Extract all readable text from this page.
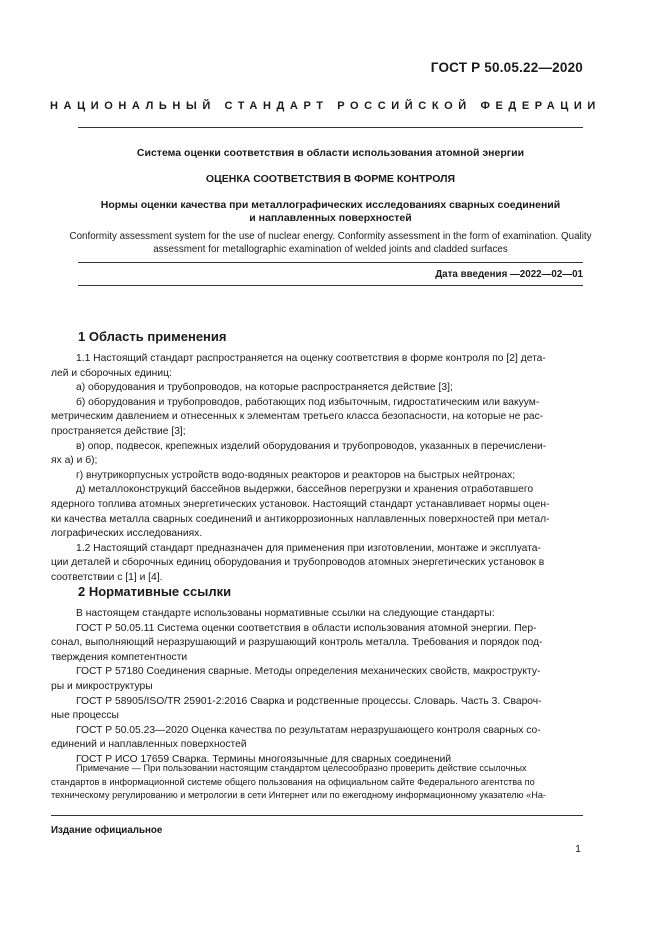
ГОСТ Р 50.05.22—2020
НАЦИОНАЛЬНЫЙ СТАНДАРТ РОССИЙСКОЙ ФЕДЕРАЦИИ
Система оценки соответствия в области использования атомной энергии
ОЦЕНКА СООТВЕТСТВИЯ В ФОРМЕ КОНТРОЛЯ
Нормы оценки качества при металлографических исследованиях сварных соединений
и наплавленных поверхностей
Conformity assessment system for the use of nuclear energy. Conformity assessment in the form of examination. Quality
assessment for metallographic examination of welded joints and cladded surfaces
Дата введения —2022—02—01
1 Область применения

1.1 Настоящий стандарт распространяется на оценку соответствия в форме контроля по [2] дета-

лей и сборочных единиц:

а) оборудования и трубопроводов, на которые распространяется действие [3];

б) оборудования и трубопроводов, работающих под избыточным, гидростатическим или вакуум-

метрическим давлением и отнесенных к элементам третьего класса безопасности, на которые не рас-

пространяется действие [3];

в) опор, подвесок, крепежных изделий оборудования и трубопроводов, указанных в перечислени-

ях а) и б);

г) внутрикорпусных устройств водо-водяных реакторов и реакторов на быстрых нейтронах;

д) металлоконструкций бассейнов выдержки, бассейнов перегрузки и хранения отработавшего

ядерного топлива атомных энергетических установок. Настоящий стандарт устанавливает нормы оцен-

ки качества металла сварных соединений и антикоррозионных наплавленных поверхностей при метал-

лографических исследованиях.

1.2 Настоящий стандарт предназначен для применения при изготовлении, монтаже и эксплуата-

ции деталей и сборочных единиц оборудования и трубопроводов атомных энергетических установок в

соответствии с [1] и [4].

2 Нормативные ссылки

В настоящем стандарте использованы нормативные ссылки на следующие стандарты:

ГОСТ Р 50.05.11 Система оценки соответствия в области использования атомной энергии. Пер-

сонал, выполняющий неразрушающий и разрушающий контроль металла. Требования и порядок под-

тверждения компетентности

ГОСТ Р 57180 Соединения сварные. Методы определения механических свойств, макрострукту-

ры и микроструктуры

ГОСТ Р 58905/ISO/TR 25901-2:2016 Сварка и родственные процессы. Словарь. Часть 3. Свароч-

ные процессы

ГОСТ Р 50.05.23—2020 Оценка качества по результатам неразрушающего контроля сварных со-

единений и наплавленных поверхностей

ГОСТ Р ИСО 17659 Сварка. Термины многоязычные для сварных соединений

Примечание — При пользовании настоящим стандартом целесообразно проверить действие ссылочных

стандартов в информационной системе общего пользования на официальном сайте Федерального агентства по

техническому регулированию и метрологии в сети Интернет или по ежегодному информационному указателю «На-

Издание официальное
1
